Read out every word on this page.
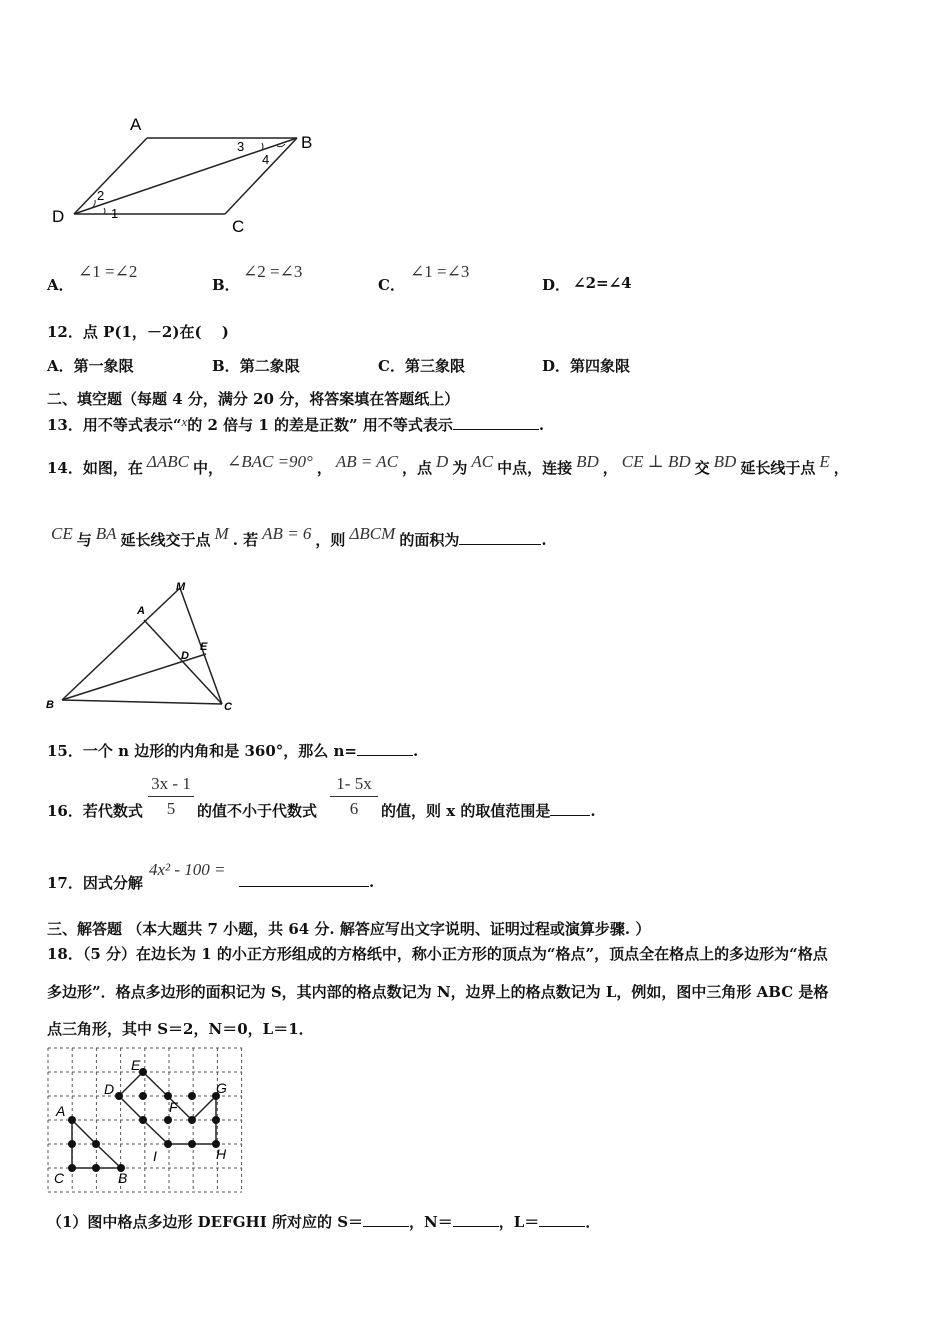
A
B
C
D	1
2
3
4
A．
∠1 =∠2
B．
∠2 =∠3
C．
∠1 =∠3
D． ∠2=∠4
12．点 P(1，－2)在(　 )
A．第一象限	B．第二象限	C．第三象限	D．第四象限
二、填空题（每题 4 分，满分 20 分，将答案填在答题纸上）
13．用不等式表示“x的 2 倍与 1 的差是正数” 用不等式表示	.
14．如图，在 ΔABC 中， ∠BAC =90° ， AB = AC ，点 D 为 AC 中点，连接 BD ， CE ⊥ BD 交 BD 延长线于点 E ，
CE 与 BA 延长线交于点 M . 若 AB = 6 ，则 ΔBCM 的面积为	.
M
A
E
D
B	C
15．一个 n 边形的内角和是 360°，那么 n=	.
16．若代数式
3x - 1
5	的值不小于代数式
1- 5x
6	的值，则 x 的取值范围是	.
17．因式分解
4x² - 100 =
.
三、解答题 （本大题共 7 小题，共 64 分. 解答应写出文字说明、证明过程或演算步骤. ）
18．（5 分）在边长为 1 的小正方形组成的方格纸中，称小正方形的顶点为“格点”，顶点全在格点上的多边形为“格点
多边形”．格点多边形的面积记为 S，其内部的格点数记为 N，边界上的格点数记为 L，例如，图中三角形 ABC 是格
点三角形，其中 S＝2，N＝0，L＝1．
A
B
C
D
E
F
G
H
I
（1）图中格点多边形 DEFGHI 所对应的 S＝	，N＝	，L＝	．
